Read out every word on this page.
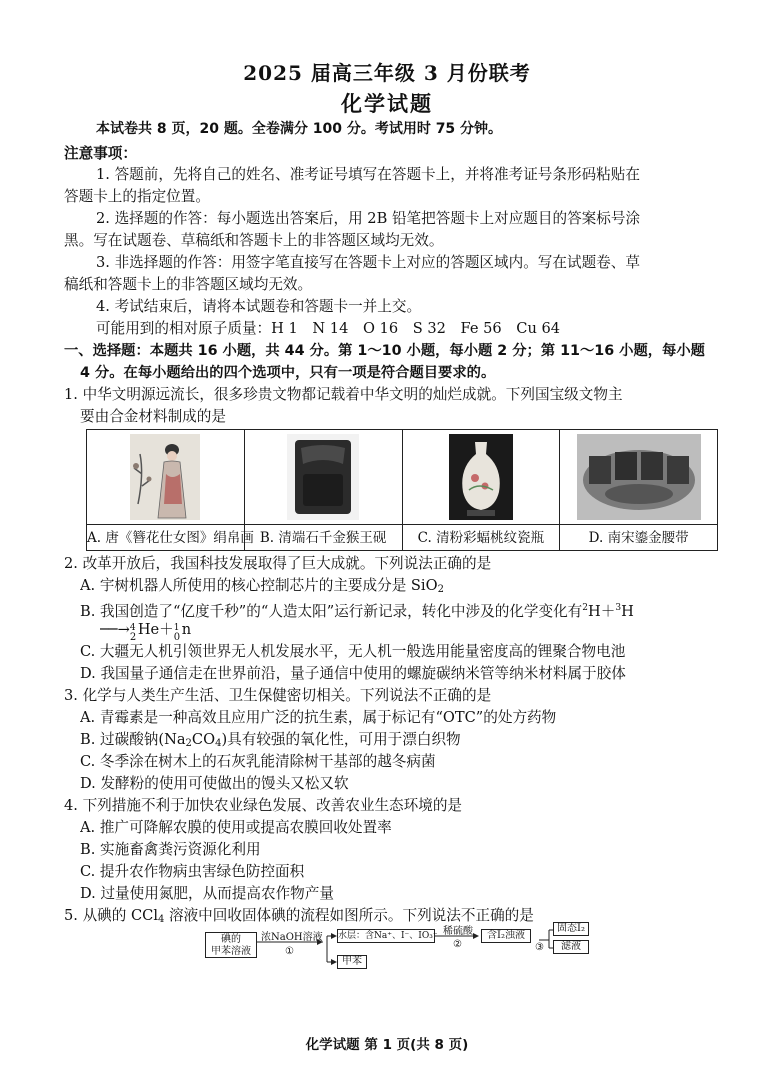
2025 届高三年级 3 月份联考
化学试题
本试卷共 8 页，20 题。全卷满分 100 分。考试用时 75 分钟。
注意事项：
1. 答题前，先将自己的姓名、准考证号填写在答题卡上，并将准考证号条形码粘贴在
答题卡上的指定位置。
2. 选择题的作答：每小题选出答案后，用 2B 铅笔把答题卡上对应题目的答案标号涂
黑。写在试题卷、草稿纸和答题卡上的非答题区域均无效。
3. 非选择题的作答：用签字笔直接写在答题卡上对应的答题区域内。写在试题卷、草
稿纸和答题卡上的非答题区域均无效。
4. 考试结束后，请将本试题卷和答题卡一并上交。
可能用到的相对原子质量：H 1　N 14　O 16　S 32　Fe 56　Cu 64
一、选择题：本题共 16 小题，共 44 分。第 1～10 小题，每小题 2 分；第 11～16 小题，每小题
4 分。在每小题给出的四个选项中，只有一项是符合题目要求的。
1. 中华文明源远流长，很多珍贵文物都记载着中华文明的灿烂成就。下列国宝级文物主
要由合金材料制成的是
A. 唐《簪花仕女图》绢帛画 B. 清端石千金猴王砚	C. 清粉彩蝠桃纹瓷瓶	D. 南宋鎏金腰带
2. 改革开放后，我国科技发展取得了巨大成就。下列说法正确的是
A. 宇树机器人所使用的核心控制芯片的主要成分是 SiO$_2$
B. 我国创造了“亿度千秒”的“人造太阳”运行新记录，转化中涉及的化学变化有$^2$H＋$^3$H
──→ 4
2 He＋ 1
0 n
C. 大疆无人机引领世界无人机发展水平，无人机一般选用能量密度高的锂聚合物电池
D. 我国量子通信走在世界前沿，量子通信中使用的螺旋碳纳米管等纳米材料属于胶体
3. 化学与人类生产生活、卫生保健密切相关。下列说法不正确的是
A. 青霉素是一种高效且应用广泛的抗生素，属于标记有“OTC”的处方药物
B. 过碳酸钠$(Na_2CO_4)$具有较强的氧化性，可用于漂白织物
C. 冬季涂在树木上的石灰乳能清除树干基部的越冬病菌
D. 发酵粉的使用可使做出的馒头又松又软
4. 下列措施不利于加快农业绿色发展、改善农业生态环境的是
A. 推广可降解农膜的使用或提高农膜回收处置率
B. 实施畜禽粪污资源化利用
C. 提升农作物病虫害绿色防控面积
D. 过量使用氮肥，从而提高农作物产量
5. 从碘的 CCl$_4$ 溶液中回收固体碘的流程如图所示。下列说法不正确的是
碘的
甲苯溶液
浓NaOH溶液
①
水层：含Na⁺、I⁻、IO₃⁻
甲苯
稀硫酸
②
含I₂浊液
③
固态I₂
滤液
化学试题 第 1 页(共 8 页)
